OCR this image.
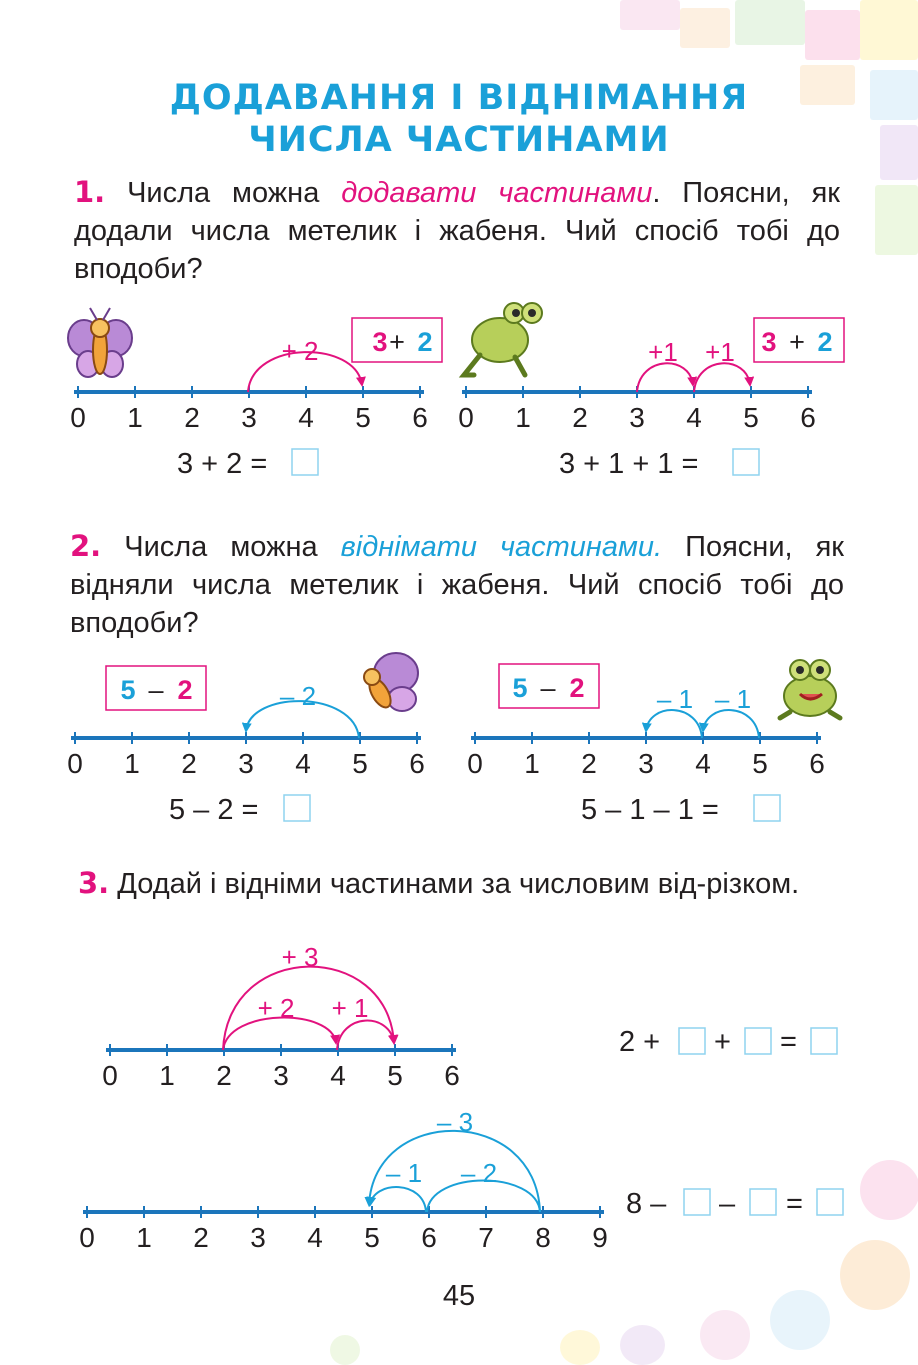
ДОДАВАННЯ І ВІДНІМАННЯ
ЧИСЛА ЧАСТИНАМИ
1. Числа можна додавати частинами. Поясни, як додали числа метелик і жабеня. Чий спосіб тобі до вподоби?
2. Числа можна віднімати частинами. Поясни, як відняли числа метелик і жабеня. Чий спосіб тобі до вподоби?
3. Додай і відніми частинами за числовим від-різком.
0 1 2 3 4 5 6 0 1 2 3 4 5 6
0 1 2 3 4 5 6 0 1 2 3 4 5 6
0 1 2 3 4 5 6
0 1 2 3 4 5 6 7 8 9
3 + 2	3 + 2
5 – 2	5 – 2
3 + 2 =	3 + 1 + 1 =
5 – 2 =	5 – 1 – 1 =
2 + + =
8 – – =
+ 2	+1 +1
– 2	– 1 – 1
+ 3
+ 2 + 1
– 3
– 1 – 2
45
